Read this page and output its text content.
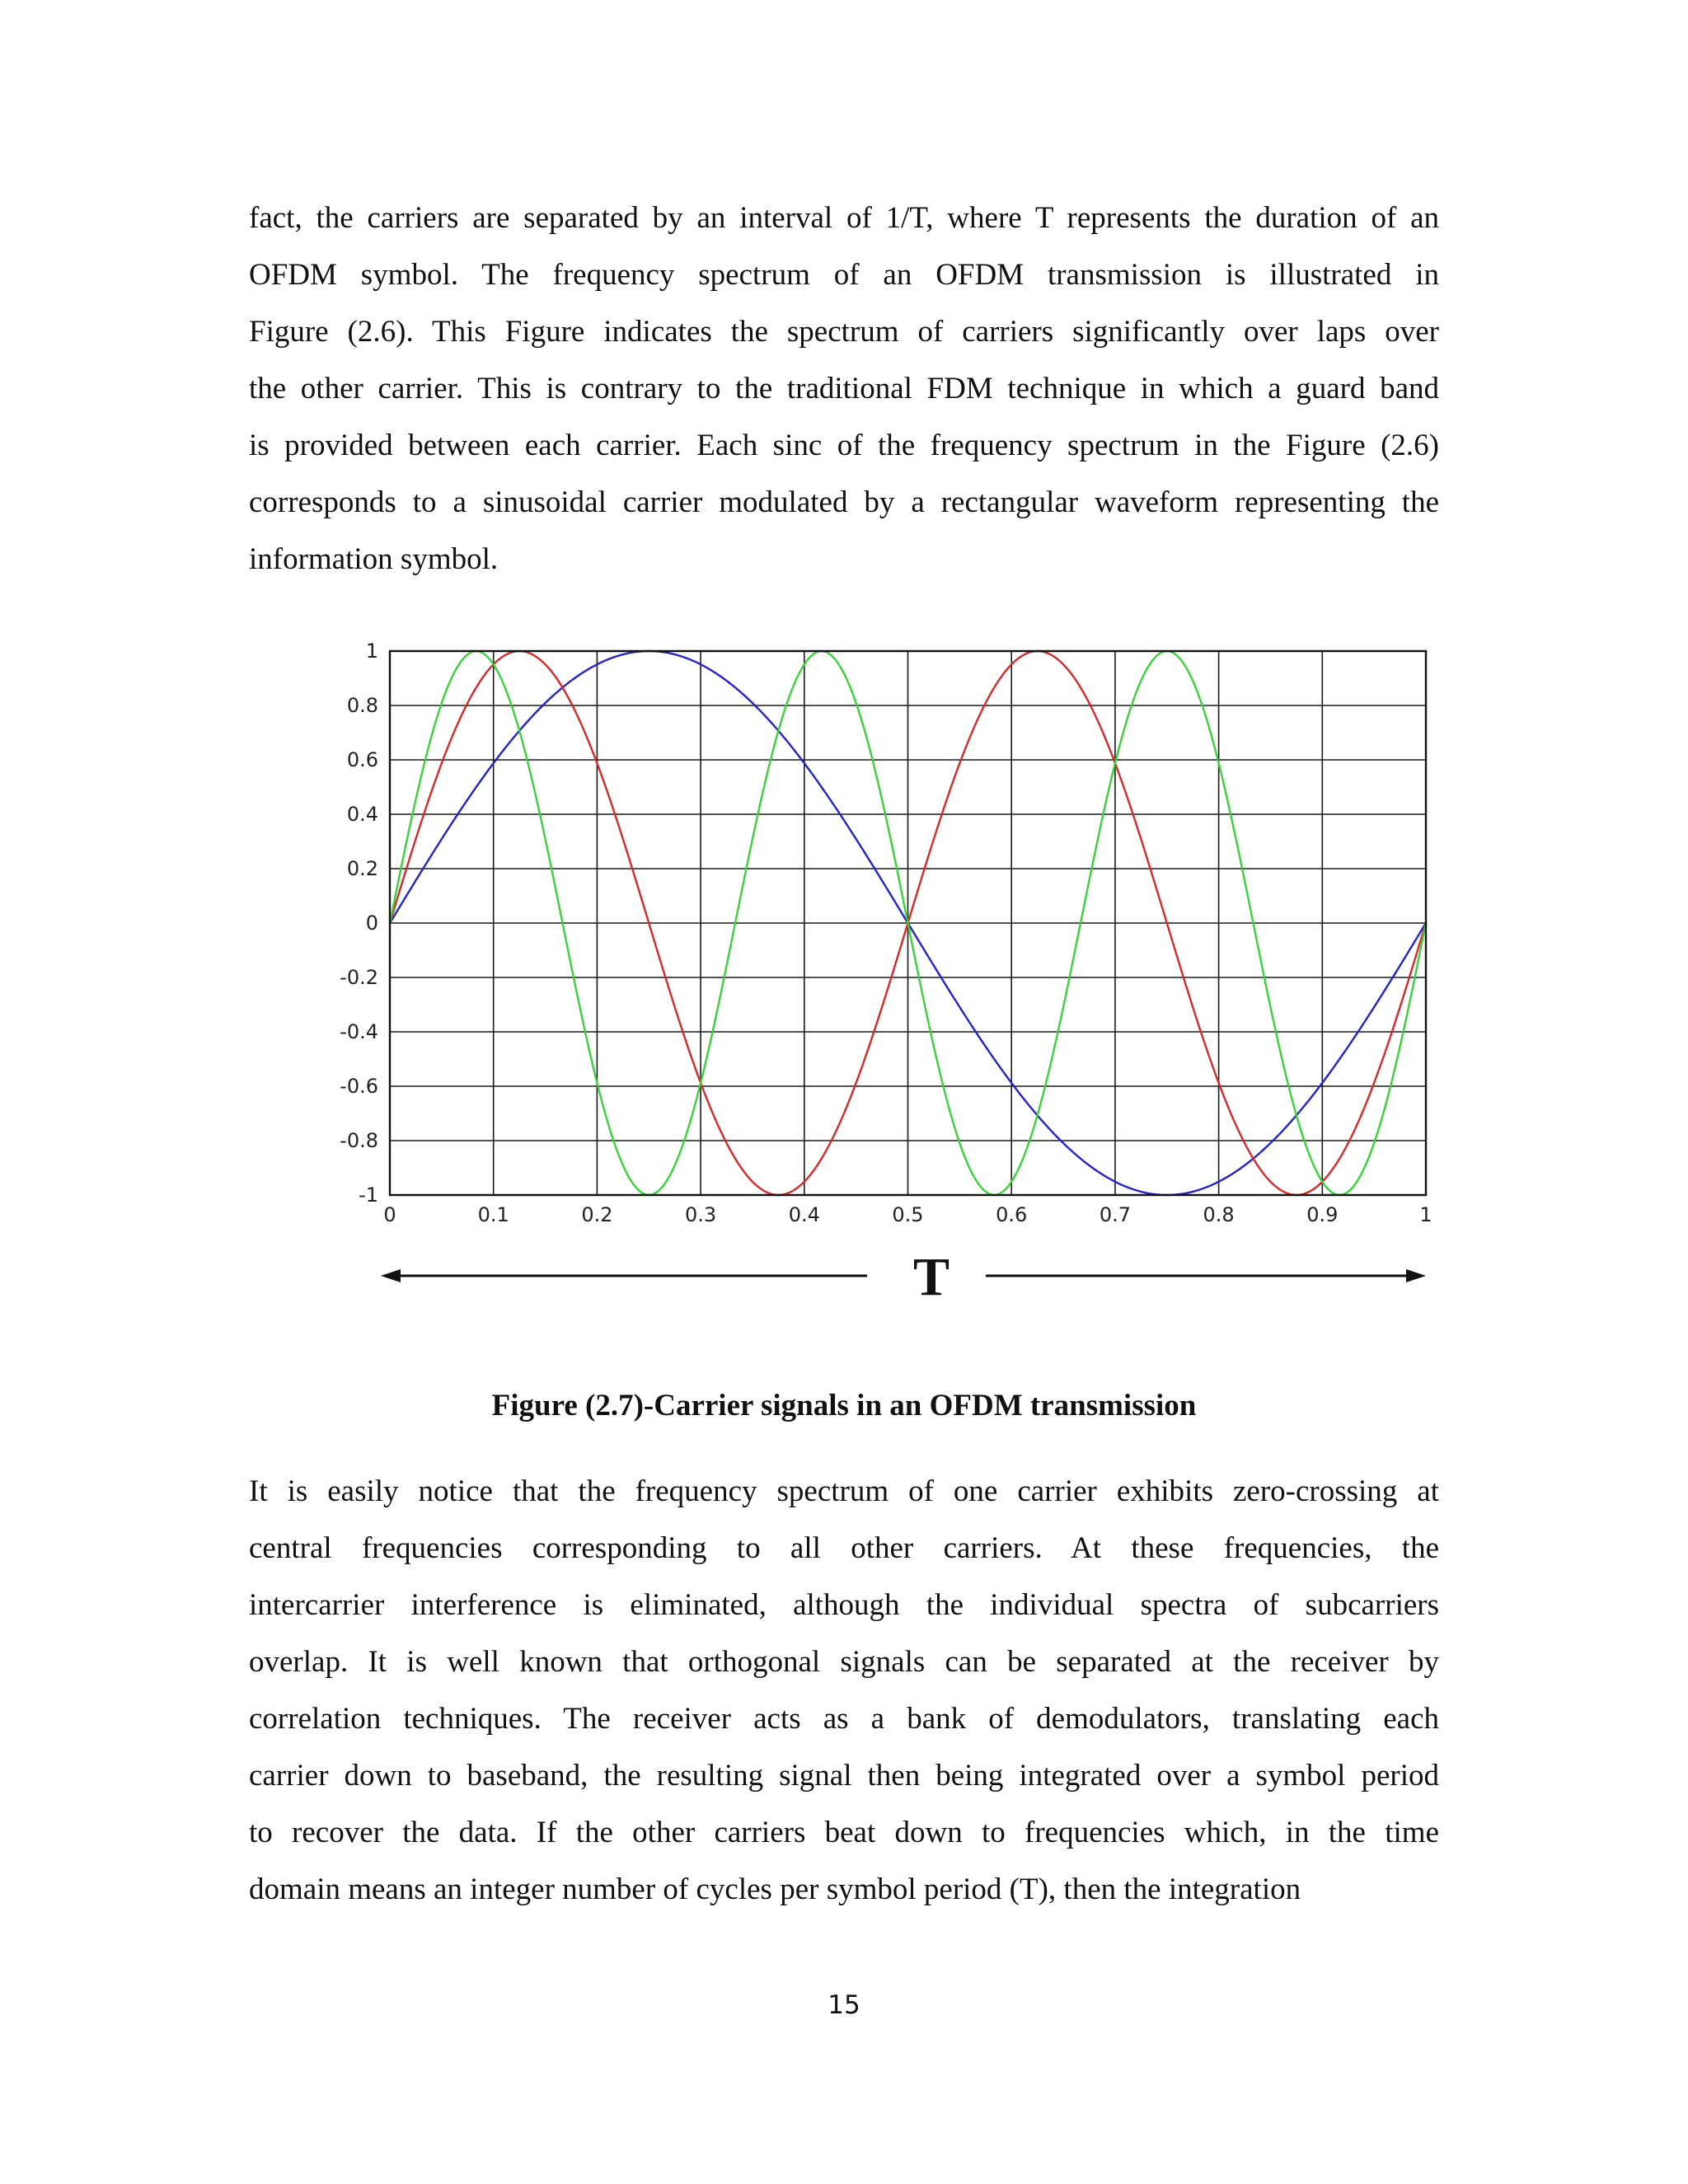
fact, the carriers are separated by an interval of 1/T, where T represents the duration of an
OFDM symbol. The frequency spectrum of an OFDM transmission is illustrated in
Figure (2.6). This Figure indicates the spectrum of carriers significantly over laps over
the other carrier. This is contrary to the traditional FDM technique in which a guard band
is provided between each carrier. Each sinc of the frequency spectrum in the Figure (2.6)
corresponds to a sinusoidal carrier modulated by a rectangular waveform representing the
information symbol.
0	0.1	0.2	0.3	0.4	0.5	0.6	0.7	0.8	0.9	1
1
0.8
0.6
0.4
0.2
0
-0.2
-0.4
-0.6
-0.8
-1
T
Figure (2.7)-Carrier signals in an OFDM transmission
It is easily notice that the frequency spectrum of one carrier exhibits zero-crossing at
central frequencies corresponding to all other carriers. At these frequencies, the
intercarrier interference is eliminated, although the individual spectra of subcarriers
overlap. It is well known that orthogonal signals can be separated at the receiver by
correlation techniques. The receiver acts as a bank of demodulators, translating each
carrier down to baseband, the resulting signal then being integrated over a symbol period
to recover the data. If the other carriers beat down to frequencies which, in the time
domain means an integer number of cycles per symbol period (T), then the integration
15
